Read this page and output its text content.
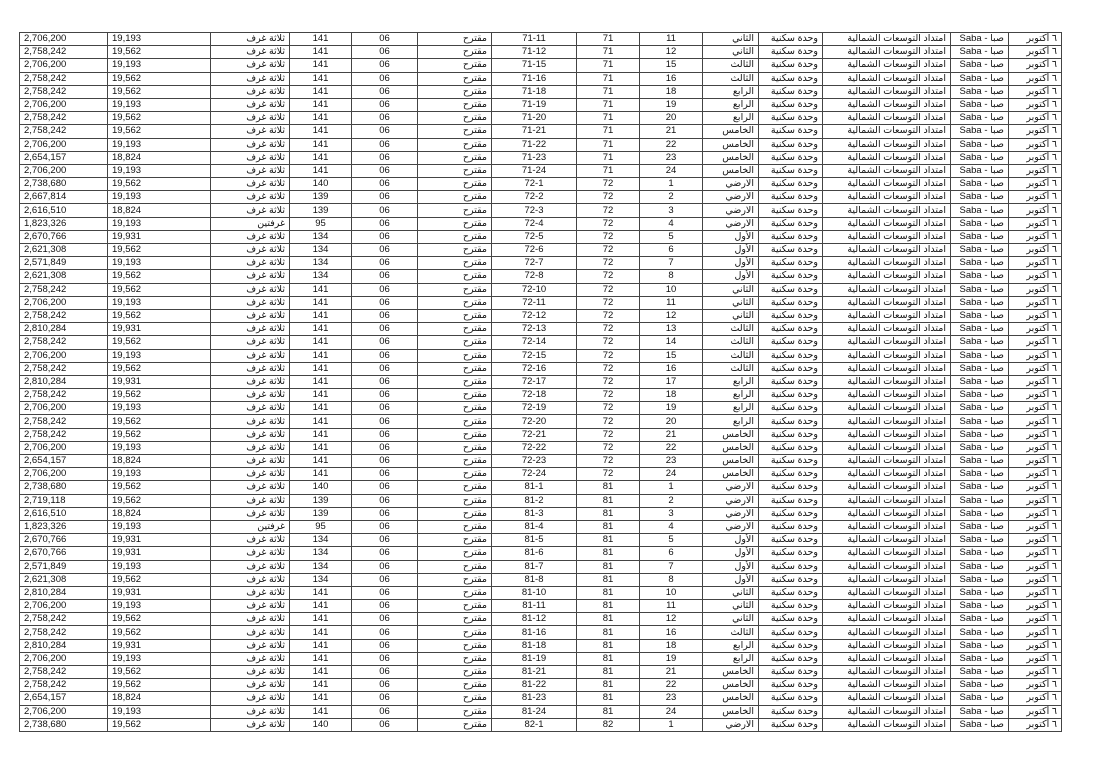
٦ أكتوبر	صبا - Saba	امتداد التوسعات الشمالية	وحدة سكنية	الثاني	11	71	71-11	مقترح	06	141	ثلاثة غرف	19,193	2,706,200
٦ أكتوبر	صبا - Saba	امتداد التوسعات الشمالية	وحدة سكنية	الثاني	12	71	71-12	مقترح	06	141	ثلاثة غرف	19,562	2,758,242
٦ أكتوبر	صبا - Saba	امتداد التوسعات الشمالية	وحدة سكنية	الثالث	15	71	71-15	مقترح	06	141	ثلاثة غرف	19,193	2,706,200
٦ أكتوبر	صبا - Saba	امتداد التوسعات الشمالية	وحدة سكنية	الثالث	16	71	71-16	مقترح	06	141	ثلاثة غرف	19,562	2,758,242
٦ أكتوبر	صبا - Saba	امتداد التوسعات الشمالية	وحدة سكنية	الرابع	18	71	71-18	مقترح	06	141	ثلاثة غرف	19,562	2,758,242
٦ أكتوبر	صبا - Saba	امتداد التوسعات الشمالية	وحدة سكنية	الرابع	19	71	71-19	مقترح	06	141	ثلاثة غرف	19,193	2,706,200
٦ أكتوبر	صبا - Saba	امتداد التوسعات الشمالية	وحدة سكنية	الرابع	20	71	71-20	مقترح	06	141	ثلاثة غرف	19,562	2,758,242
٦ أكتوبر	صبا - Saba	امتداد التوسعات الشمالية	وحدة سكنية	الخامس	21	71	71-21	مقترح	06	141	ثلاثة غرف	19,562	2,758,242
٦ أكتوبر	صبا - Saba	امتداد التوسعات الشمالية	وحدة سكنية	الخامس	22	71	71-22	مقترح	06	141	ثلاثة غرف	19,193	2,706,200
٦ أكتوبر	صبا - Saba	امتداد التوسعات الشمالية	وحدة سكنية	الخامس	23	71	71-23	مقترح	06	141	ثلاثة غرف	18,824	2,654,157
٦ أكتوبر	صبا - Saba	امتداد التوسعات الشمالية	وحدة سكنية	الخامس	24	71	71-24	مقترح	06	141	ثلاثة غرف	19,193	2,706,200
٦ أكتوبر	صبا - Saba	امتداد التوسعات الشمالية	وحدة سكنية	الارضي	1	72	72-1	مقترح	06	140	ثلاثة غرف	19,562	2,738,680
٦ أكتوبر	صبا - Saba	امتداد التوسعات الشمالية	وحدة سكنية	الارضي	2	72	72-2	مقترح	06	139	ثلاثة غرف	19,193	2,667,814
٦ أكتوبر	صبا - Saba	امتداد التوسعات الشمالية	وحدة سكنية	الارضي	3	72	72-3	مقترح	06	139	ثلاثة غرف	18,824	2,616,510
٦ أكتوبر	صبا - Saba	امتداد التوسعات الشمالية	وحدة سكنية	الارضي	4	72	72-4	مقترح	06	95	غرفتين	19,193	1,823,326
٦ أكتوبر	صبا - Saba	امتداد التوسعات الشمالية	وحدة سكنية	الأول	5	72	72-5	مقترح	06	134	ثلاثة غرف	19,931	2,670,766
٦ أكتوبر	صبا - Saba	امتداد التوسعات الشمالية	وحدة سكنية	الأول	6	72	72-6	مقترح	06	134	ثلاثة غرف	19,562	2,621,308
٦ أكتوبر	صبا - Saba	امتداد التوسعات الشمالية	وحدة سكنية	الأول	7	72	72-7	مقترح	06	134	ثلاثة غرف	19,193	2,571,849
٦ أكتوبر	صبا - Saba	امتداد التوسعات الشمالية	وحدة سكنية	الأول	8	72	72-8	مقترح	06	134	ثلاثة غرف	19,562	2,621,308
٦ أكتوبر	صبا - Saba	امتداد التوسعات الشمالية	وحدة سكنية	الثاني	10	72	72-10	مقترح	06	141	ثلاثة غرف	19,562	2,758,242
٦ أكتوبر	صبا - Saba	امتداد التوسعات الشمالية	وحدة سكنية	الثاني	11	72	72-11	مقترح	06	141	ثلاثة غرف	19,193	2,706,200
٦ أكتوبر	صبا - Saba	امتداد التوسعات الشمالية	وحدة سكنية	الثاني	12	72	72-12	مقترح	06	141	ثلاثة غرف	19,562	2,758,242
٦ أكتوبر	صبا - Saba	امتداد التوسعات الشمالية	وحدة سكنية	الثالث	13	72	72-13	مقترح	06	141	ثلاثة غرف	19,931	2,810,284
٦ أكتوبر	صبا - Saba	امتداد التوسعات الشمالية	وحدة سكنية	الثالث	14	72	72-14	مقترح	06	141	ثلاثة غرف	19,562	2,758,242
٦ أكتوبر	صبا - Saba	امتداد التوسعات الشمالية	وحدة سكنية	الثالث	15	72	72-15	مقترح	06	141	ثلاثة غرف	19,193	2,706,200
٦ أكتوبر	صبا - Saba	امتداد التوسعات الشمالية	وحدة سكنية	الثالث	16	72	72-16	مقترح	06	141	ثلاثة غرف	19,562	2,758,242
٦ أكتوبر	صبا - Saba	امتداد التوسعات الشمالية	وحدة سكنية	الرابع	17	72	72-17	مقترح	06	141	ثلاثة غرف	19,931	2,810,284
٦ أكتوبر	صبا - Saba	امتداد التوسعات الشمالية	وحدة سكنية	الرابع	18	72	72-18	مقترح	06	141	ثلاثة غرف	19,562	2,758,242
٦ أكتوبر	صبا - Saba	امتداد التوسعات الشمالية	وحدة سكنية	الرابع	19	72	72-19	مقترح	06	141	ثلاثة غرف	19,193	2,706,200
٦ أكتوبر	صبا - Saba	امتداد التوسعات الشمالية	وحدة سكنية	الرابع	20	72	72-20	مقترح	06	141	ثلاثة غرف	19,562	2,758,242
٦ أكتوبر	صبا - Saba	امتداد التوسعات الشمالية	وحدة سكنية	الخامس	21	72	72-21	مقترح	06	141	ثلاثة غرف	19,562	2,758,242
٦ أكتوبر	صبا - Saba	امتداد التوسعات الشمالية	وحدة سكنية	الخامس	22	72	72-22	مقترح	06	141	ثلاثة غرف	19,193	2,706,200
٦ أكتوبر	صبا - Saba	امتداد التوسعات الشمالية	وحدة سكنية	الخامس	23	72	72-23	مقترح	06	141	ثلاثة غرف	18,824	2,654,157
٦ أكتوبر	صبا - Saba	امتداد التوسعات الشمالية	وحدة سكنية	الخامس	24	72	72-24	مقترح	06	141	ثلاثة غرف	19,193	2,706,200
٦ أكتوبر	صبا - Saba	امتداد التوسعات الشمالية	وحدة سكنية	الارضي	1	81	81-1	مقترح	06	140	ثلاثة غرف	19,562	2,738,680
٦ أكتوبر	صبا - Saba	امتداد التوسعات الشمالية	وحدة سكنية	الارضي	2	81	81-2	مقترح	06	139	ثلاثة غرف	19,562	2,719,118
٦ أكتوبر	صبا - Saba	امتداد التوسعات الشمالية	وحدة سكنية	الارضي	3	81	81-3	مقترح	06	139	ثلاثة غرف	18,824	2,616,510
٦ أكتوبر	صبا - Saba	امتداد التوسعات الشمالية	وحدة سكنية	الارضي	4	81	81-4	مقترح	06	95	غرفتين	19,193	1,823,326
٦ أكتوبر	صبا - Saba	امتداد التوسعات الشمالية	وحدة سكنية	الأول	5	81	81-5	مقترح	06	134	ثلاثة غرف	19,931	2,670,766
٦ أكتوبر	صبا - Saba	امتداد التوسعات الشمالية	وحدة سكنية	الأول	6	81	81-6	مقترح	06	134	ثلاثة غرف	19,931	2,670,766
٦ أكتوبر	صبا - Saba	امتداد التوسعات الشمالية	وحدة سكنية	الأول	7	81	81-7	مقترح	06	134	ثلاثة غرف	19,193	2,571,849
٦ أكتوبر	صبا - Saba	امتداد التوسعات الشمالية	وحدة سكنية	الأول	8	81	81-8	مقترح	06	134	ثلاثة غرف	19,562	2,621,308
٦ أكتوبر	صبا - Saba	امتداد التوسعات الشمالية	وحدة سكنية	الثاني	10	81	81-10	مقترح	06	141	ثلاثة غرف	19,931	2,810,284
٦ أكتوبر	صبا - Saba	امتداد التوسعات الشمالية	وحدة سكنية	الثاني	11	81	81-11	مقترح	06	141	ثلاثة غرف	19,193	2,706,200
٦ أكتوبر	صبا - Saba	امتداد التوسعات الشمالية	وحدة سكنية	الثاني	12	81	81-12	مقترح	06	141	ثلاثة غرف	19,562	2,758,242
٦ أكتوبر	صبا - Saba	امتداد التوسعات الشمالية	وحدة سكنية	الثالث	16	81	81-16	مقترح	06	141	ثلاثة غرف	19,562	2,758,242
٦ أكتوبر	صبا - Saba	امتداد التوسعات الشمالية	وحدة سكنية	الرابع	18	81	81-18	مقترح	06	141	ثلاثة غرف	19,931	2,810,284
٦ أكتوبر	صبا - Saba	امتداد التوسعات الشمالية	وحدة سكنية	الرابع	19	81	81-19	مقترح	06	141	ثلاثة غرف	19,193	2,706,200
٦ أكتوبر	صبا - Saba	امتداد التوسعات الشمالية	وحدة سكنية	الخامس	21	81	81-21	مقترح	06	141	ثلاثة غرف	19,562	2,758,242
٦ أكتوبر	صبا - Saba	امتداد التوسعات الشمالية	وحدة سكنية	الخامس	22	81	81-22	مقترح	06	141	ثلاثة غرف	19,562	2,758,242
٦ أكتوبر	صبا - Saba	امتداد التوسعات الشمالية	وحدة سكنية	الخامس	23	81	81-23	مقترح	06	141	ثلاثة غرف	18,824	2,654,157
٦ أكتوبر	صبا - Saba	امتداد التوسعات الشمالية	وحدة سكنية	الخامس	24	81	81-24	مقترح	06	141	ثلاثة غرف	19,193	2,706,200
٦ أكتوبر	صبا - Saba	امتداد التوسعات الشمالية	وحدة سكنية	الارضي	1	82	82-1	مقترح	06	140	ثلاثة غرف	19,562	2,738,680
